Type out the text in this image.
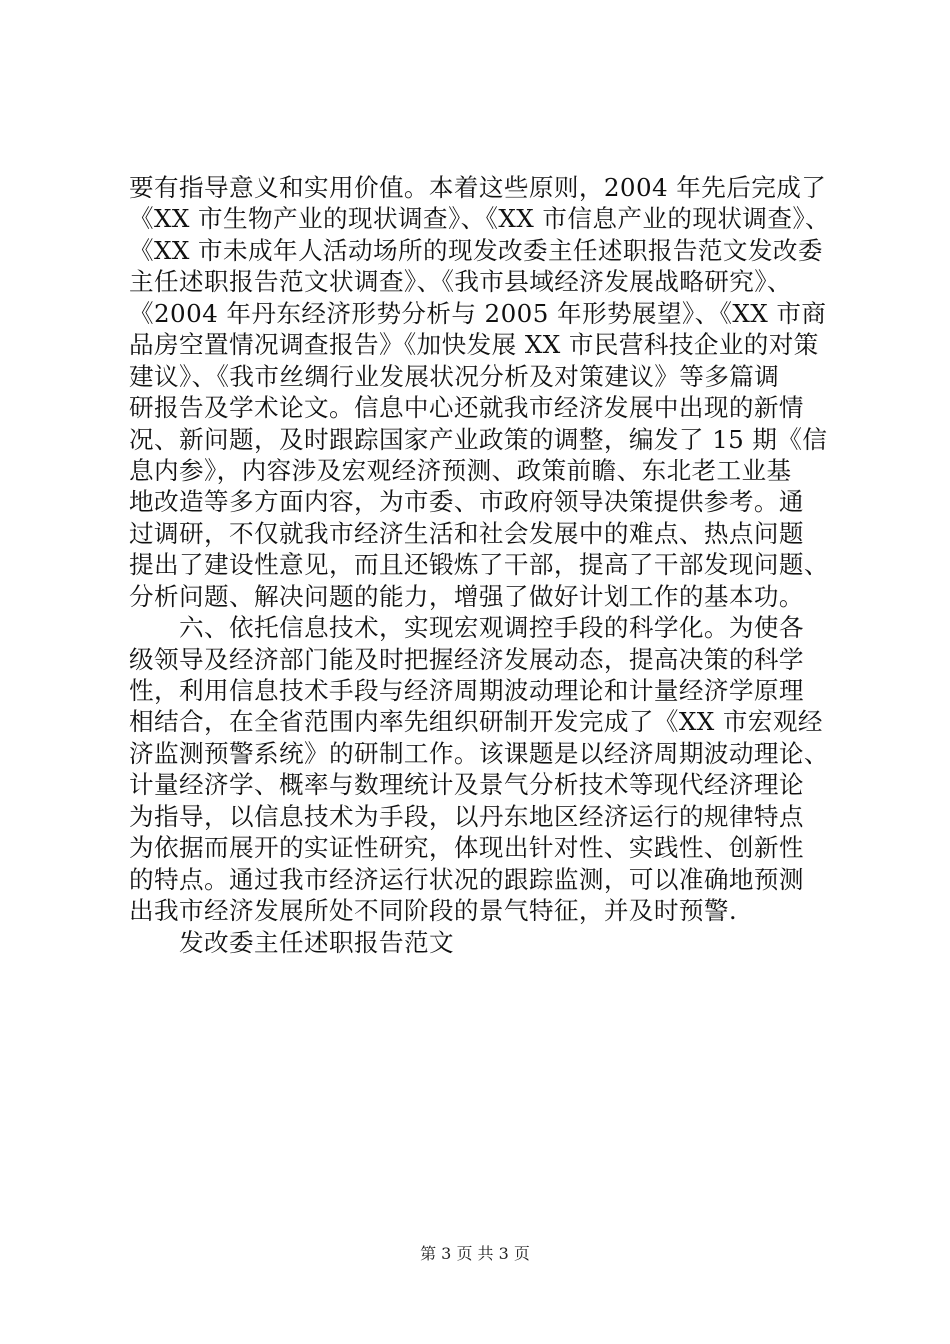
要有指导意义和实用价值。本着这些原则，2004 年先后完成了
《XX 市生物产业的现状调查》、《XX 市信息产业的现状调查》、
《XX 市未成年人活动场所的现发改委主任述职报告范文发改委
主任述职报告范文状调查》、《我市县域经济发展战略研究》、
《2004 年丹东经济形势分析与 2005 年形势展望》、《XX 市商
品房空置情况调查报告》《加快发展 XX 市民营科技企业的对策
建议》、《我市丝绸行业发展状况分析及对策建议》等多篇调
研报告及学术论文。信息中心还就我市经济发展中出现的新情
况、新问题，及时跟踪国家产业政策的调整，编发了 15 期《信
息内参》，内容涉及宏观经济预测、政策前瞻、东北老工业基
地改造等多方面内容，为市委、市政府领导决策提供参考。通
过调研，不仅就我市经济生活和社会发展中的难点、热点问题
提出了建设性意见，而且还锻炼了干部，提高了干部发现问题、
分析问题、解决问题的能力，增强了做好计划工作的基本功。
六、依托信息技术，实现宏观调控手段的科学化。为使各
级领导及经济部门能及时把握经济发展动态，提高决策的科学
性，利用信息技术手段与经济周期波动理论和计量经济学原理
相结合，在全省范围内率先组织研制开发完成了《XX 市宏观经
济监测预警系统》的研制工作。该课题是以经济周期波动理论、
计量经济学、概率与数理统计及景气分析技术等现代经济理论
为指导，以信息技术为手段，以丹东地区经济运行的规律特点
为依据而展开的实证性研究，体现出针对性、实践性、创新性
的特点。通过我市经济运行状况的跟踪监测，可以准确地预测
出我市经济发展所处不同阶段的景气特征，并及时预警.
发改委主任述职报告范文
第 3 页 共 3 页
